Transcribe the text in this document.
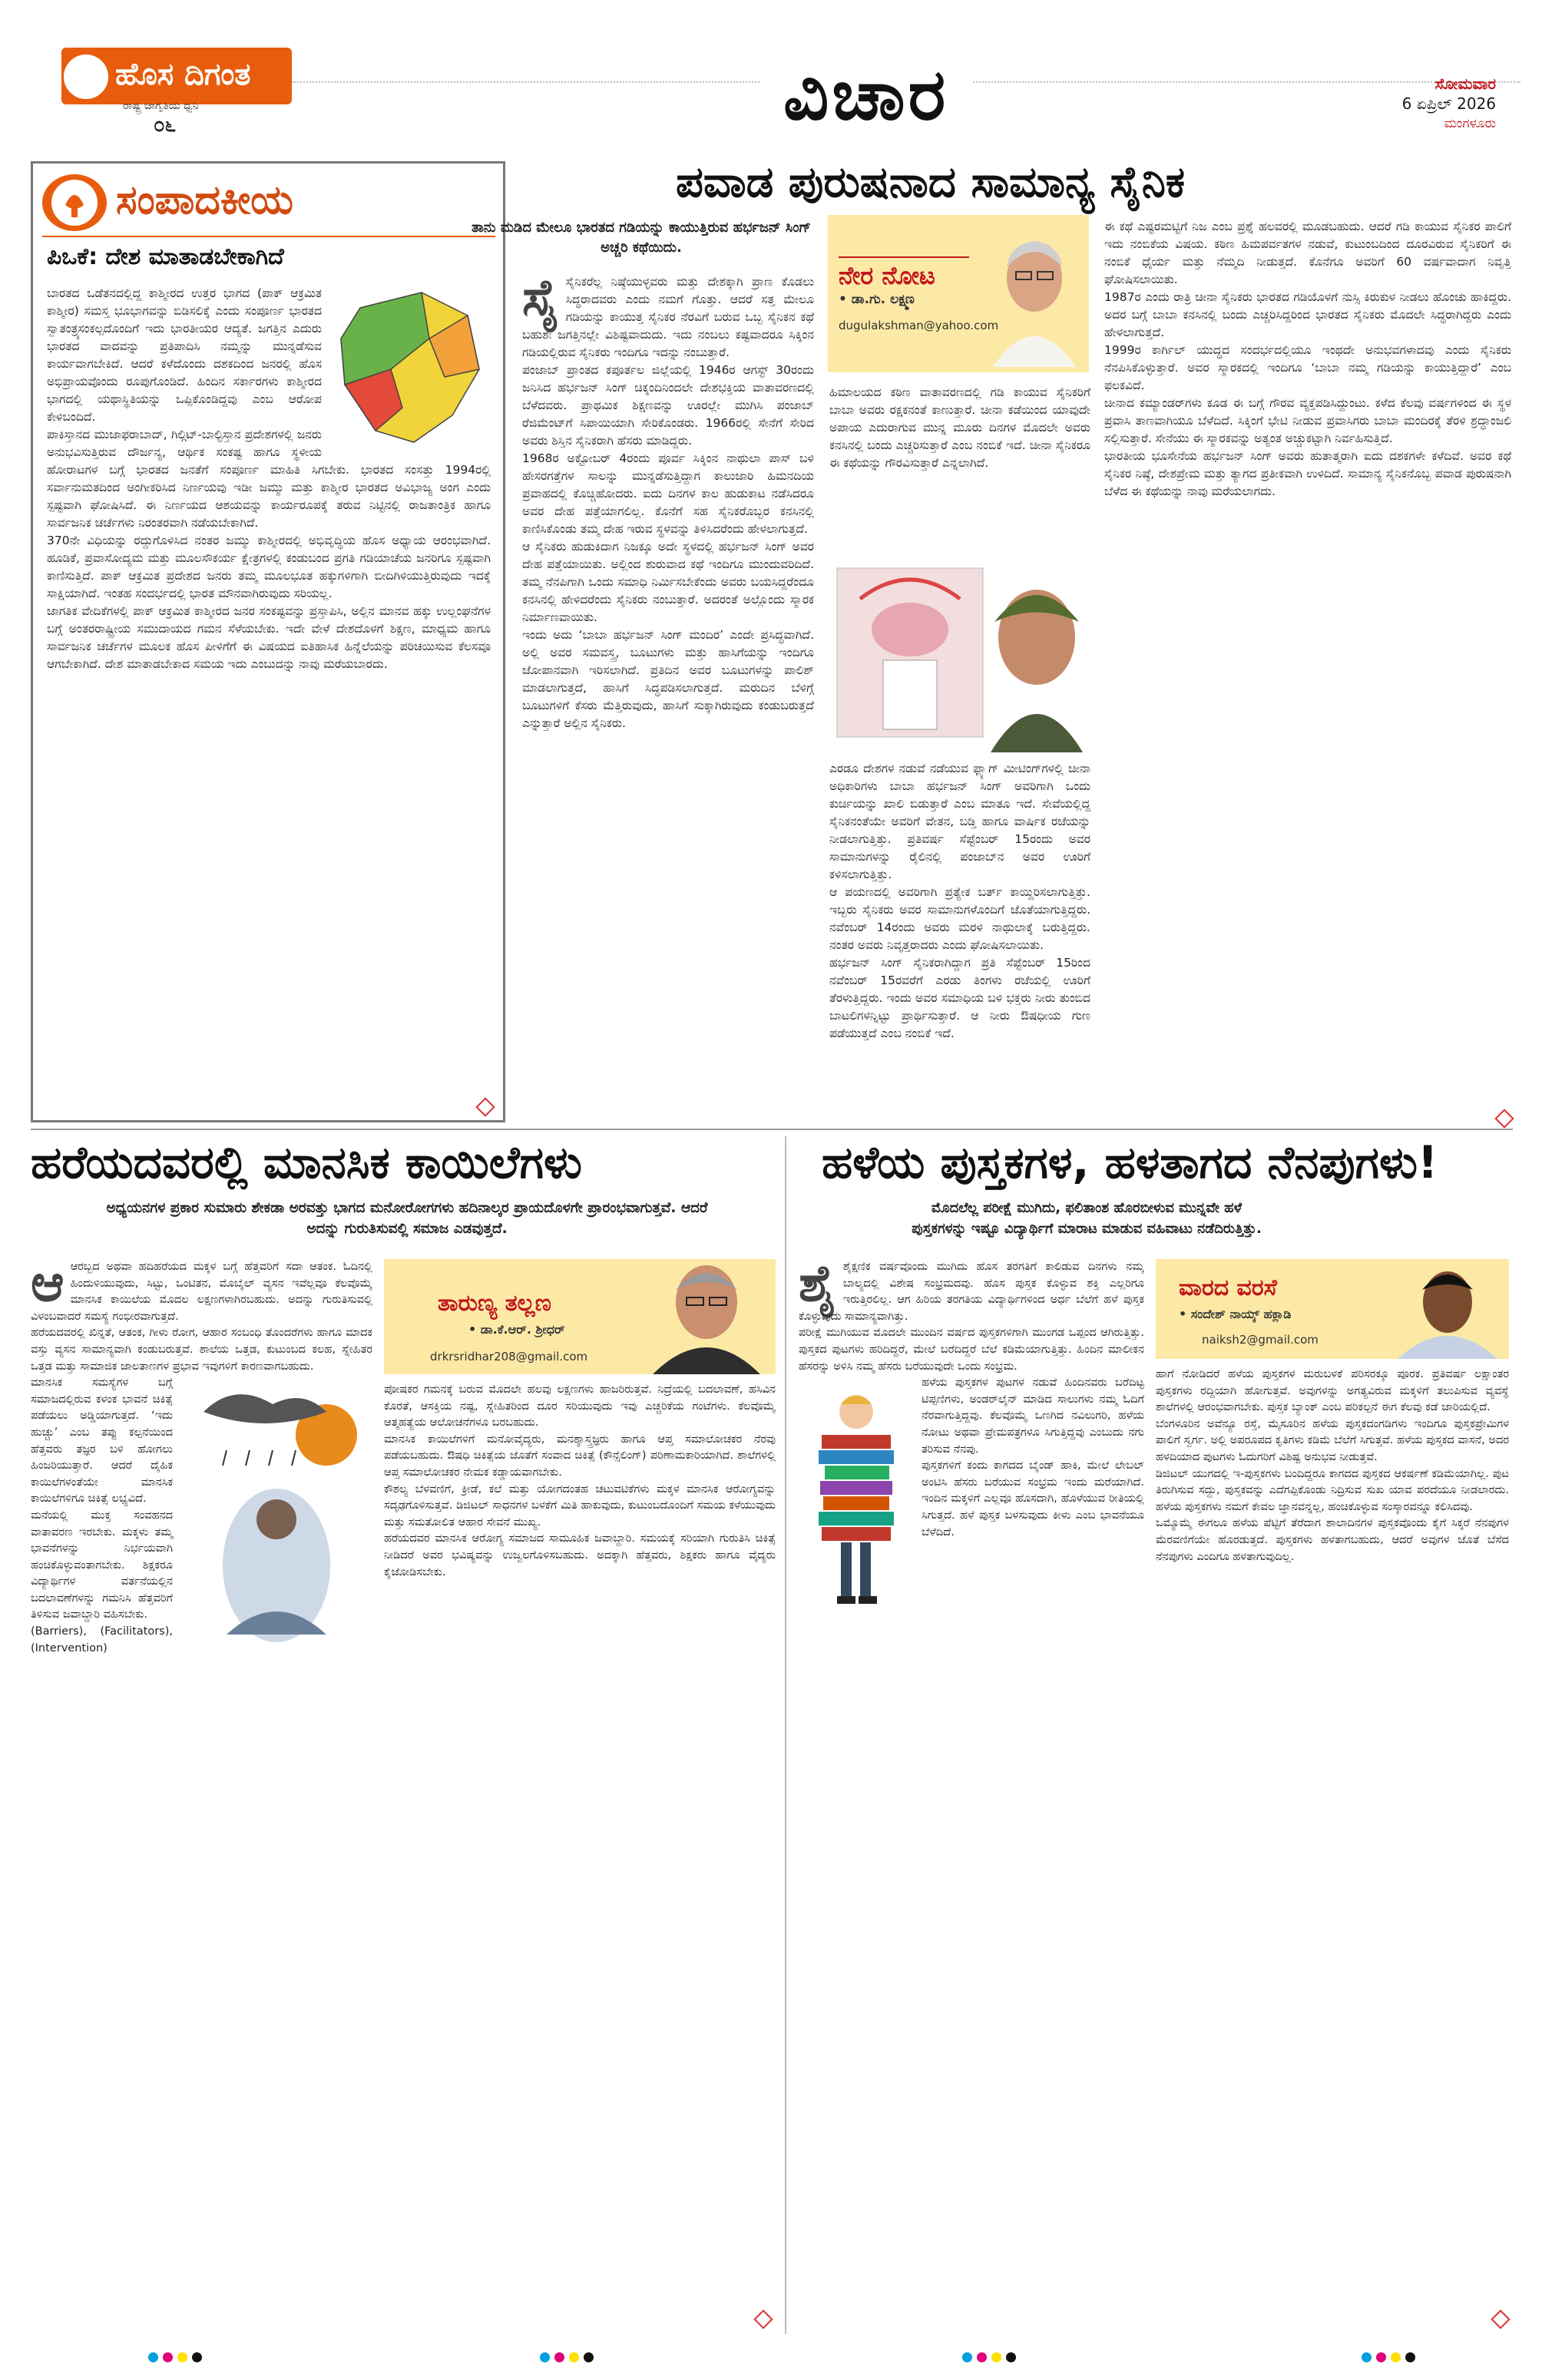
ಹೊಸ ದಿಗಂತ
ರಾಷ್ಟ್ರ ಜಾಗೃತಿಯ ಧ್ವನಿ
೦೬	ವಿಚಾರ	ಸೋಮವಾರ
6 ಏಪ್ರಿಲ್ 2026
ಮಂಗಳೂರು
ಸಂಪಾದಕೀಯ
ಪಿಒಕೆ: ದೇಶ ಮಾತಾಡಬೇಕಾಗಿದೆ

ಬಾರತದ ಒಡೆತನದಲ್ಲಿದ್ದ ಕಾಶ್ಮೀರದ ಉತ್ತರ ಭಾಗದ (ಪಾಕ್ ಆಕ್ರಮಿತ ಕಾಶ್ಮೀರ) ಸಮಸ್ತ ಭೂಭಾಗವನ್ನು ಬಿಡಿಸಲಿಕ್ಕೆ ಎಂದು ಸಂಪೂರ್ಣ ಭಾರತದ ಸ್ವಾತಂತ್ರ್ಯಸಂಕಲ್ಪದೊಂದಿಗೆ ಇದು ಭಾರತೀಯರ ಆದ್ಯತೆ. ಜಗತ್ತಿನ ಎದುರು ಭಾರತದ ವಾದವನ್ನು ಪ್ರತಿಪಾದಿಸಿ ನಮ್ಮನ್ನು ಮುನ್ನಡೆಸುವ ಕಾರ್ಯವಾಗಬೇಕಿದೆ. ಆದರೆ ಕಳೆದೊಂದು ದಶಕದಿಂದ ಜನರಲ್ಲಿ ಹೊಸ ಅಭಿಪ್ರಾಯವೊಂದು ರೂಪುಗೊಂಡಿದೆ. ಹಿಂದಿನ ಸರ್ಕಾರಗಳು ಕಾಶ್ಮೀರದ ಭಾಗದಲ್ಲಿ ಯಥಾಸ್ಥಿತಿಯನ್ನು ಒಪ್ಪಿಕೊಂಡಿದ್ದವು ಎಂಬ ಆರೋಪ ಕೇಳಿಬಂದಿದೆ.

ಪಾಕಿಸ್ತಾನದ ಮುಜಾಫರಾಬಾದ್, ಗಿಲ್ಗಿಟ್-ಬಾಲ್ಟಿಸ್ತಾನ ಪ್ರದೇಶಗಳಲ್ಲಿ ಜನರು ಅನುಭವಿಸುತ್ತಿರುವ ದೌರ್ಜನ್ಯ, ಆರ್ಥಿಕ ಸಂಕಷ್ಟ ಹಾಗೂ ಸ್ಥಳೀಯ ಹೋರಾಟಗಳ ಬಗ್ಗೆ ಭಾರತದ ಜನತೆಗೆ ಸಂಪೂರ್ಣ ಮಾಹಿತಿ ಸಿಗಬೇಕು. ಭಾರತದ ಸಂಸತ್ತು 1994ರಲ್ಲಿ ಸರ್ವಾನುಮತದಿಂದ ಅಂಗೀಕರಿಸಿದ ನಿರ್ಣಯವು ಇಡೀ ಜಮ್ಮು ಮತ್ತು ಕಾಶ್ಮೀರ ಭಾರತದ ಅವಿಭಾಜ್ಯ ಅಂಗ ಎಂದು ಸ್ಪಷ್ಟವಾಗಿ ಘೋಷಿಸಿದೆ. ಈ ನಿರ್ಣಯದ ಆಶಯವನ್ನು ಕಾರ್ಯರೂಪಕ್ಕೆ ತರುವ ನಿಟ್ಟಿನಲ್ಲಿ ರಾಜತಾಂತ್ರಿಕ ಹಾಗೂ ಸಾರ್ವಜನಿಕ ಚರ್ಚೆಗಳು ನಿರಂತರವಾಗಿ ನಡೆಯಬೇಕಾಗಿದೆ.

370ನೇ ವಿಧಿಯನ್ನು ರದ್ದುಗೊಳಿಸಿದ ನಂತರ ಜಮ್ಮು ಕಾಶ್ಮೀರದಲ್ಲಿ ಅಭಿವೃದ್ಧಿಯ ಹೊಸ ಅಧ್ಯಾಯ ಆರಂಭವಾಗಿದೆ. ಹೂಡಿಕೆ, ಪ್ರವಾಸೋದ್ಯಮ ಮತ್ತು ಮೂಲಸೌಕರ್ಯ ಕ್ಷೇತ್ರಗಳಲ್ಲಿ ಕಂಡುಬಂದ ಪ್ರಗತಿ ಗಡಿಯಾಚೆಯ ಜನರಿಗೂ ಸ್ಪಷ್ಟವಾಗಿ ಕಾಣಿಸುತ್ತಿದೆ. ಪಾಕ್ ಆಕ್ರಮಿತ ಪ್ರದೇಶದ ಜನರು ತಮ್ಮ ಮೂಲಭೂತ ಹಕ್ಕುಗಳಿಗಾಗಿ ಬೀದಿಗಿಳಿಯುತ್ತಿರುವುದು ಇದಕ್ಕೆ ಸಾಕ್ಷಿಯಾಗಿದೆ. ಇಂತಹ ಸಂದರ್ಭದಲ್ಲಿ ಭಾರತ ಮೌನವಾಗಿರುವುದು ಸರಿಯಲ್ಲ.

ಜಾಗತಿಕ ವೇದಿಕೆಗಳಲ್ಲಿ ಪಾಕ್ ಆಕ್ರಮಿತ ಕಾಶ್ಮೀರದ ಜನರ ಸಂಕಷ್ಟವನ್ನು ಪ್ರಸ್ತಾಪಿಸಿ, ಅಲ್ಲಿನ ಮಾನವ ಹಕ್ಕು ಉಲ್ಲಂಘನೆಗಳ ಬಗ್ಗೆ ಅಂತರರಾಷ್ಟ್ರೀಯ ಸಮುದಾಯದ ಗಮನ ಸೆಳೆಯಬೇಕು. ಇದೇ ವೇಳೆ ದೇಶದೊಳಗೆ ಶಿಕ್ಷಣ, ಮಾಧ್ಯಮ ಹಾಗೂ ಸಾರ್ವಜನಿಕ ಚರ್ಚೆಗಳ ಮೂಲಕ ಹೊಸ ಪೀಳಿಗೆಗೆ ಈ ವಿಷಯದ ಐತಿಹಾಸಿಕ ಹಿನ್ನೆಲೆಯನ್ನು ಪರಿಚಯಿಸುವ ಕೆಲಸವೂ ಆಗಬೇಕಾಗಿದೆ. ದೇಶ ಮಾತಾಡಬೇಕಾದ ಸಮಯ ಇದು ಎಂಬುದನ್ನು ನಾವು ಮರೆಯಬಾರದು.

ಪವಾಡ ಪುರುಷನಾದ ಸಾಮಾನ್ಯ ಸೈನಿಕ
ತಾನು ಮಡಿದ ಮೇಲೂ ಭಾರತದ ಗಡಿಯನ್ನು ಕಾಯುತ್ತಿರುವ ಹರ್ಭಜನ್ ಸಿಂಗ್ ಅಚ್ಚರಿ ಕಥೆಯಿದು.
ನೇರ ನೋಟ
• ಡಾ.ಗು. ಲಕ್ಷ್ಮಣ
dugulakshman@yahoo.com

ಸೈಸೈನಿಕರೆಲ್ಲ ನಿಷ್ಠೆಯುಳ್ಳವರು ಮತ್ತು ದೇಶಕ್ಕಾಗಿ ಪ್ರಾಣ ಕೊಡಲು ಸಿದ್ಧರಾದವರು ಎಂದು ನಮಗೆ ಗೊತ್ತು. ಆದರೆ ಸತ್ತ ಮೇಲೂ ಗಡಿಯನ್ನು ಕಾಯುತ್ತ ಸೈನಿಕರ ನೆರವಿಗೆ ಬರುವ ಒಬ್ಬ ಸೈನಿಕನ ಕಥೆ ಬಹುಶಃ ಜಗತ್ತಿನಲ್ಲೇ ವಿಶಿಷ್ಟವಾದುದು. ಇದು ನಂಬಲು ಕಷ್ಟವಾದರೂ ಸಿಕ್ಕಿಂನ ಗಡಿಯಲ್ಲಿರುವ ಸೈನಿಕರು ಇಂದಿಗೂ ಇದನ್ನು ನಂಬುತ್ತಾರೆ.

ಪಂಜಾಬ್ ಪ್ರಾಂತದ ಕಪೂರ್ತಲ ಜಿಲ್ಲೆಯಲ್ಲಿ 1946ರ ಆಗಸ್ಟ್ 30ರಂದು ಜನಿಸಿದ ಹರ್ಭಜನ್ ಸಿಂಗ್ ಚಿಕ್ಕಂದಿನಿಂದಲೇ ದೇಶಭಕ್ತಿಯ ವಾತಾವರಣದಲ್ಲಿ ಬೆಳೆದವರು. ಪ್ರಾಥಮಿಕ ಶಿಕ್ಷಣವನ್ನು ಊರಲ್ಲೇ ಮುಗಿಸಿ ಪಂಜಾಬ್ ರೆಜಿಮೆಂಟ್‌ಗೆ ಸಿಪಾಯಿಯಾಗಿ ಸೇರಿಕೊಂಡರು. 1966ರಲ್ಲಿ ಸೇನೆಗೆ ಸೇರಿದ ಅವರು ಶಿಸ್ತಿನ ಸೈನಿಕರಾಗಿ ಹೆಸರು ಮಾಡಿದ್ದರು.

1968ರ ಅಕ್ಟೋಬರ್ 4ರಂದು ಪೂರ್ವ ಸಿಕ್ಕಿಂನ ನಾಥುಲಾ ಪಾಸ್ ಬಳಿ ಹೇಸರಗತ್ತೆಗಳ ಸಾಲನ್ನು ಮುನ್ನಡೆಸುತ್ತಿದ್ದಾಗ ಕಾಲುಜಾರಿ ಹಿಮನದಿಯ ಪ್ರವಾಹದಲ್ಲಿ ಕೊಚ್ಚಿಹೋದರು. ಐದು ದಿನಗಳ ಕಾಲ ಹುಡುಕಾಟ ನಡೆಸಿದರೂ ಅವರ ದೇಹ ಪತ್ತೆಯಾಗಲಿಲ್ಲ. ಕೊನೆಗೆ ಸಹ ಸೈನಿಕರೊಬ್ಬರ ಕನಸಿನಲ್ಲಿ ಕಾಣಿಸಿಕೊಂಡು ತಮ್ಮ ದೇಹ ಇರುವ ಸ್ಥಳವನ್ನು ತಿಳಿಸಿದರೆಂದು ಹೇಳಲಾಗುತ್ತದೆ.

ಆ ಸೈನಿಕರು ಹುಡುಕಿದಾಗ ನಿಜಕ್ಕೂ ಅದೇ ಸ್ಥಳದಲ್ಲಿ ಹರ್ಭಜನ್ ಸಿಂಗ್ ಅವರ ದೇಹ ಪತ್ತೆಯಾಯಿತು. ಅಲ್ಲಿಂದ ಶುರುವಾದ ಕಥೆ ಇಂದಿಗೂ ಮುಂದುವರಿದಿದೆ. ತಮ್ಮ ನೆನಪಿಗಾಗಿ ಒಂದು ಸಮಾಧಿ ನಿರ್ಮಿಸಬೇಕೆಂದು ಅವರು ಬಯಸಿದ್ದರೆಂದೂ ಕನಸಿನಲ್ಲಿ ಹೇಳಿದರೆಂದು ಸೈನಿಕರು ನಂಬುತ್ತಾರೆ. ಅದರಂತೆ ಅಲ್ಲೊಂದು ಸ್ಮಾರಕ ನಿರ್ಮಾಣವಾಯಿತು.

ಇಂದು ಅದು ‘ಬಾಬಾ ಹರ್ಭಜನ್ ಸಿಂಗ್ ಮಂದಿರ’ ಎಂದೇ ಪ್ರಸಿದ್ಧವಾಗಿದೆ. ಅಲ್ಲಿ ಅವರ ಸಮವಸ್ತ್ರ, ಬೂಟುಗಳು ಮತ್ತು ಹಾಸಿಗೆಯನ್ನು ಇಂದಿಗೂ ಜೋಪಾನವಾಗಿ ಇರಿಸಲಾಗಿದೆ. ಪ್ರತಿದಿನ ಅವರ ಬೂಟುಗಳನ್ನು ಪಾಲಿಶ್ ಮಾಡಲಾಗುತ್ತದೆ, ಹಾಸಿಗೆ ಸಿದ್ಧಪಡಿಸಲಾಗುತ್ತದೆ. ಮರುದಿನ ಬೆಳಿಗ್ಗೆ ಬೂಟುಗಳಿಗೆ ಕೆಸರು ಮೆತ್ತಿರುವುದು, ಹಾಸಿಗೆ ಸುಕ್ಕಾಗಿರುವುದು ಕಂಡುಬರುತ್ತದೆ ಎನ್ನುತ್ತಾರೆ ಅಲ್ಲಿನ ಸೈನಿಕರು.

ಹಿಮಾಲಯದ ಕಠಿಣ ವಾತಾವರಣದಲ್ಲಿ ಗಡಿ ಕಾಯುವ ಸೈನಿಕರಿಗೆ ಬಾಬಾ ಅವರು ರಕ್ಷಕನಂತೆ ಕಾಣುತ್ತಾರೆ. ಚೀನಾ ಕಡೆಯಿಂದ ಯಾವುದೇ ಅಪಾಯ ಎದುರಾಗುವ ಮುನ್ನ ಮೂರು ದಿನಗಳ ಮೊದಲೇ ಅವರು ಕನಸಿನಲ್ಲಿ ಬಂದು ಎಚ್ಚರಿಸುತ್ತಾರೆ ಎಂಬ ನಂಬಿಕೆ ಇದೆ. ಚೀನಾ ಸೈನಿಕರೂ ಈ ಕಥೆಯನ್ನು ಗೌರವಿಸುತ್ತಾರೆ ಎನ್ನಲಾಗಿದೆ.

ಎರಡೂ ದೇಶಗಳ ನಡುವೆ ನಡೆಯುವ ಫ್ಲ್ಯಾಗ್ ಮೀಟಿಂಗ್‌ಗಳಲ್ಲಿ ಚೀನಾ ಅಧಿಕಾರಿಗಳು ಬಾಬಾ ಹರ್ಭಜನ್ ಸಿಂಗ್ ಅವರಿಗಾಗಿ ಒಂದು ಕುರ್ಚಿಯನ್ನು ಖಾಲಿ ಬಿಡುತ್ತಾರೆ ಎಂಬ ಮಾತೂ ಇದೆ. ಸೇವೆಯಲ್ಲಿದ್ದ ಸೈನಿಕನಂತೆಯೇ ಅವರಿಗೆ ವೇತನ, ಬಡ್ತಿ ಹಾಗೂ ವಾರ್ಷಿಕ ರಜೆಯನ್ನು ನೀಡಲಾಗುತ್ತಿತ್ತು. ಪ್ರತಿವರ್ಷ ಸೆಪ್ಟೆಂಬರ್ 15ರಂದು ಅವರ ಸಾಮಾನುಗಳನ್ನು ರೈಲಿನಲ್ಲಿ ಪಂಜಾಬ್‌ನ ಅವರ ಊರಿಗೆ ಕಳಿಸಲಾಗುತ್ತಿತ್ತು.

ಆ ಪಯಣದಲ್ಲಿ ಅವರಿಗಾಗಿ ಪ್ರತ್ಯೇಕ ಬರ್ತ್ ಕಾಯ್ದಿರಿಸಲಾಗುತ್ತಿತ್ತು. ಇಬ್ಬರು ಸೈನಿಕರು ಅವರ ಸಾಮಾನುಗಳೊಂದಿಗೆ ಜೊತೆಯಾಗುತ್ತಿದ್ದರು. ನವೆಂಬರ್ 14ರಂದು ಅವರು ಮರಳಿ ನಾಥುಲಾಕ್ಕೆ ಬರುತ್ತಿದ್ದರು. ನಂತರ ಅವರು ನಿವೃತ್ತರಾದರು ಎಂದು ಘೋಷಿಸಲಾಯಿತು.

ಹರ್ಭಜನ್ ಸಿಂಗ್ ಸೈನಿಕರಾಗಿದ್ದಾಗ ಪ್ರತಿ ಸೆಪ್ಟೆಂಬರ್ 15ರಿಂದ ನವೆಂಬರ್ 15ರವರೆಗೆ ಎರಡು ತಿಂಗಳು ರಜೆಯಲ್ಲಿ ಊರಿಗೆ ತೆರಳುತ್ತಿದ್ದರು. ಇಂದು ಅವರ ಸಮಾಧಿಯ ಬಳಿ ಭಕ್ತರು ನೀರು ತುಂಬಿದ ಬಾಟಲಿಗಳನ್ನಿಟ್ಟು ಪ್ರಾರ್ಥಿಸುತ್ತಾರೆ. ಆ ನೀರು ಔಷಧೀಯ ಗುಣ ಪಡೆಯುತ್ತದೆ ಎಂಬ ನಂಬಿಕೆ ಇದೆ.

ಈ ಕಥೆ ಎಷ್ಟರಮಟ್ಟಿಗೆ ನಿಜ ಎಂಬ ಪ್ರಶ್ನೆ ಹಲವರಲ್ಲಿ ಮೂಡಬಹುದು. ಆದರೆ ಗಡಿ ಕಾಯುವ ಸೈನಿಕರ ಪಾಲಿಗೆ ಇದು ನಂಬಿಕೆಯ ವಿಷಯ. ಕಠಿಣ ಹಿಮಪರ್ವತಗಳ ನಡುವೆ, ಕುಟುಂಬದಿಂದ ದೂರವಿರುವ ಸೈನಿಕರಿಗೆ ಈ ನಂಬಿಕೆ ಧೈರ್ಯ ಮತ್ತು ನೆಮ್ಮದಿ ನೀಡುತ್ತದೆ. ಕೊನೆಗೂ ಅವರಿಗೆ 60 ವರ್ಷವಾದಾಗ ನಿವೃತ್ತಿ ಘೋಷಿಸಲಾಯಿತು.

1987ರ ಎಂದು ರಾತ್ರಿ ಚೀನಾ ಸೈನಿಕರು ಭಾರತದ ಗಡಿಯೊಳಗೆ ನುಸ್ಸಿ ಕಿರುಕುಳ ನೀಡಲು ಹೊಂಚು ಹಾಕಿದ್ದರು. ಅದರ ಬಗ್ಗೆ ಬಾಬಾ ಕನಸಿನಲ್ಲಿ ಬಂದು ಎಚ್ಚರಿಸಿದ್ದರಿಂದ ಭಾರತದ ಸೈನಿಕರು ಮೊದಲೇ ಸಿದ್ಧರಾಗಿದ್ದರು ಎಂದು ಹೇಳಲಾಗುತ್ತದೆ.

1999ರ ಕಾರ್ಗಿಲ್ ಯುದ್ಧದ ಸಂದರ್ಭದಲ್ಲಿಯೂ ಇಂಥದೇ ಅನುಭವಗಳಾದವು ಎಂದು ಸೈನಿಕರು ನೆನಪಿಸಿಕೊಳ್ಳುತ್ತಾರೆ. ಅವರ ಸ್ಮಾರಕದಲ್ಲಿ ಇಂದಿಗೂ ‘ಬಾಬಾ ನಮ್ಮ ಗಡಿಯನ್ನು ಕಾಯುತ್ತಿದ್ದಾರೆ’ ಎಂಬ ಫಲಕವಿದೆ.

ಚೀನಾದ ಕಮ್ಯಾಂಡರ್‌ಗಳು ಕೂಡ ಈ ಬಗ್ಗೆ ಗೌರವ ವ್ಯಕ್ತಪಡಿಸಿದ್ದುಂಟು. ಕಳೆದ ಕೆಲವು ವರ್ಷಗಳಿಂದ ಈ ಸ್ಥಳ ಪ್ರವಾಸಿ ತಾಣವಾಗಿಯೂ ಬೆಳೆದಿದೆ. ಸಿಕ್ಕಿಂಗೆ ಭೇಟಿ ನೀಡುವ ಪ್ರವಾಸಿಗರು ಬಾಬಾ ಮಂದಿರಕ್ಕೆ ತೆರಳಿ ಶ್ರದ್ಧಾಂಜಲಿ ಸಲ್ಲಿಸುತ್ತಾರೆ. ಸೇನೆಯು ಈ ಸ್ಮಾರಕವನ್ನು ಅತ್ಯಂತ ಅಚ್ಚುಕಟ್ಟಾಗಿ ನಿರ್ವಹಿಸುತ್ತಿದೆ.

ಭಾರತೀಯ ಭೂಸೇನೆಯ ಹರ್ಭಜನ್ ಸಿಂಗ್ ಅವರು ಹುತಾತ್ಮರಾಗಿ ಐದು ದಶಕಗಳೇ ಕಳೆದಿವೆ. ಅವರ ಕಥೆ ಸೈನಿಕರ ನಿಷ್ಠೆ, ದೇಶಪ್ರೇಮ ಮತ್ತು ತ್ಯಾಗದ ಪ್ರತೀಕವಾಗಿ ಉಳಿದಿದೆ. ಸಾಮಾನ್ಯ ಸೈನಿಕನೊಬ್ಬ ಪವಾಡ ಪುರುಷನಾಗಿ ಬೆಳೆದ ಈ ಕಥೆಯನ್ನು ನಾವು ಮರೆಯಲಾಗದು.

ಹರೆಯದವರಲ್ಲಿ ಮಾನಸಿಕ ಕಾಯಿಲೆಗಳು
ಅಧ್ಯಯನಗಳ ಪ್ರಕಾರ ಸುಮಾರು ಶೇಕಡಾ ಅರವತ್ತು ಭಾಗದ ಮನೋರೋಗಗಳು ಹದಿನಾಲ್ಕರ ಪ್ರಾಯದೊಳಗೇ ಪ್ರಾರಂಭವಾಗುತ್ತವೆ. ಆದರೆ ಅದನ್ನು ಗುರುತಿಸುವಲ್ಲಿ ಸಮಾಜ ಎಡವುತ್ತದೆ.
ತಾರುಣ್ಯ ತಲ್ಲಣ
• ಡಾ.ಕೆ.ಆರ್. ಶ್ರೀಧರ್
drkrsridhar208@gmail.com

ಆಆರಬ್ಬದ ಅಥವಾ ಹದಿಹರೆಯದ ಮಕ್ಕಳ ಬಗ್ಗೆ ಹೆತ್ತವರಿಗೆ ಸದಾ ಆತಂಕ. ಓದಿನಲ್ಲಿ ಹಿಂದುಳಿಯುವುದು, ಸಿಟ್ಟು, ಒಂಟಿತನ, ಮೊಬೈಲ್ ವ್ಯಸನ ಇವೆಲ್ಲವೂ ಕೆಲವೊಮ್ಮೆ ಮಾನಸಿಕ ಕಾಯಿಲೆಯ ಮೊದಲ ಲಕ್ಷಣಗಳಾಗಿರಬಹುದು. ಅದನ್ನು ಗುರುತಿಸುವಲ್ಲಿ ವಿಳಂಬವಾದರೆ ಸಮಸ್ಯೆ ಗಂಭೀರವಾಗುತ್ತದೆ.

ಹರೆಯದವರಲ್ಲಿ ಖಿನ್ನತೆ, ಆತಂಕ, ಗೀಳು ರೋಗ, ಆಹಾರ ಸಂಬಂಧಿ ತೊಂದರೆಗಳು ಹಾಗೂ ಮಾದಕ ವಸ್ತು ವ್ಯಸನ ಸಾಮಾನ್ಯವಾಗಿ ಕಂಡುಬರುತ್ತವೆ. ಶಾಲೆಯ ಒತ್ತಡ, ಕುಟುಂಬದ ಕಲಹ, ಸ್ನೇಹಿತರ ಒತ್ತಡ ಮತ್ತು ಸಾಮಾಜಿಕ ಜಾಲತಾಣಗಳ ಪ್ರಭಾವ ಇವುಗಳಿಗೆ ಕಾರಣವಾಗಬಹುದು.

ಮಾನಸಿಕ ಸಮಸ್ಯೆಗಳ ಬಗ್ಗೆ ಸಮಾಜದಲ್ಲಿರುವ ಕಳಂಕ ಭಾವನೆ ಚಿಕಿತ್ಸೆ ಪಡೆಯಲು ಅಡ್ಡಿಯಾಗುತ್ತದೆ. ‘ಇದು ಹುಚ್ಚು’ ಎಂಬ ತಪ್ಪು ಕಲ್ಪನೆಯಿಂದ ಹೆತ್ತವರು ತಜ್ಞರ ಬಳಿ ಹೋಗಲು ಹಿಂಜರಿಯುತ್ತಾರೆ. ಆದರೆ ದೈಹಿಕ ಕಾಯಿಲೆಗಳಂತೆಯೇ ಮಾನಸಿಕ ಕಾಯಿಲೆಗಳಿಗೂ ಚಿಕಿತ್ಸೆ ಲಭ್ಯವಿದೆ.

ಮನೆಯಲ್ಲಿ ಮುಕ್ತ ಸಂವಹನದ ವಾತಾವರಣ ಇರಬೇಕು. ಮಕ್ಕಳು ತಮ್ಮ ಭಾವನೆಗಳನ್ನು ನಿರ್ಭಯವಾಗಿ ಹಂಚಿಕೊಳ್ಳುವಂತಾಗಬೇಕು. ಶಿಕ್ಷಕರೂ ವಿದ್ಯಾರ್ಥಿಗಳ ವರ್ತನೆಯಲ್ಲಿನ ಬದಲಾವಣೆಗಳನ್ನು ಗಮನಿಸಿ ಹೆತ್ತವರಿಗೆ ತಿಳಿಸುವ ಜವಾಬ್ದಾರಿ ವಹಿಸಬೇಕು.

(Barriers), (Facilitators), (Intervention)

ಪೋಷಕರ ಗಮನಕ್ಕೆ ಬರುವ ಮೊದಲೇ ಹಲವು ಲಕ್ಷಣಗಳು ಹಾಜರಿರುತ್ತವೆ. ನಿದ್ರೆಯಲ್ಲಿ ಬದಲಾವಣೆ, ಹಸಿವಿನ ಕೊರತೆ, ಆಸಕ್ತಿಯ ನಷ್ಟ, ಸ್ನೇಹಿತರಿಂದ ದೂರ ಸರಿಯುವುದು ಇವು ಎಚ್ಚರಿಕೆಯ ಗಂಟೆಗಳು. ಕೆಲವೊಮ್ಮೆ ಆತ್ಮಹತ್ಯೆಯ ಆಲೋಚನೆಗಳೂ ಬರಬಹುದು.

ಮಾನಸಿಕ ಕಾಯಿಲೆಗಳಿಗೆ ಮನೋವೈದ್ಯರು, ಮನಶ್ಶಾಸ್ತ್ರಜ್ಞರು ಹಾಗೂ ಆಪ್ತ ಸಮಾಲೋಚಕರ ನೆರವು ಪಡೆಯಬಹುದು. ಔಷಧಿ ಚಿಕಿತ್ಸೆಯ ಜೊತೆಗೆ ಸಂವಾದ ಚಿಕಿತ್ಸೆ (ಕೌನ್ಸೆಲಿಂಗ್) ಪರಿಣಾಮಕಾರಿಯಾಗಿದೆ. ಶಾಲೆಗಳಲ್ಲಿ ಆಪ್ತ ಸಮಾಲೋಚಕರ ನೇಮಕ ಕಡ್ಡಾಯವಾಗಬೇಕು.

ಕೌಶಲ್ಯ ಬೆಳವಣಿಗೆ, ಕ್ರೀಡೆ, ಕಲೆ ಮತ್ತು ಯೋಗದಂತಹ ಚಟುವಟಿಕೆಗಳು ಮಕ್ಕಳ ಮಾನಸಿಕ ಆರೋಗ್ಯವನ್ನು ಸದೃಢಗೊಳಿಸುತ್ತವೆ. ಡಿಜಿಟಲ್ ಸಾಧನಗಳ ಬಳಕೆಗೆ ಮಿತಿ ಹಾಕುವುದು, ಕುಟುಂಬದೊಂದಿಗೆ ಸಮಯ ಕಳೆಯುವುದು ಮತ್ತು ಸಮತೋಲಿತ ಆಹಾರ ಸೇವನೆ ಮುಖ್ಯ.

ಹರೆಯದವರ ಮಾನಸಿಕ ಆರೋಗ್ಯ ಸಮಾಜದ ಸಾಮೂಹಿಕ ಜವಾಬ್ದಾರಿ. ಸಮಯಕ್ಕೆ ಸರಿಯಾಗಿ ಗುರುತಿಸಿ ಚಿಕಿತ್ಸೆ ನೀಡಿದರೆ ಅವರ ಭವಿಷ್ಯವನ್ನು ಉಜ್ವಲಗೊಳಿಸಬಹುದು. ಅದಕ್ಕಾಗಿ ಹೆತ್ತವರು, ಶಿಕ್ಷಕರು ಹಾಗೂ ವೈದ್ಯರು ಕೈಜೋಡಿಸಬೇಕು.

ಹಳೆಯ ಪುಸ್ತಕಗಳ, ಹಳತಾಗದ ನೆನಪುಗಳು!
ಮೊದಲೆಲ್ಲ ಪರೀಕ್ಷೆ ಮುಗಿದು, ಫಲಿತಾಂಶ ಹೊರಬೀಳುವ ಮುನ್ನವೇ ಹಳೆ ಪುಸ್ತಕಗಳನ್ನು ಇಷ್ಟೂ ವಿದ್ಯಾರ್ಥಿಗೆ ಮಾರಾಟ ಮಾಡುವ ವಹಿವಾಟು ನಡೆದಿರುತ್ತಿತ್ತು.
ವಾರದ ವರಸೆ
• ಸಂದೇಶ್ ನಾಯ್ಕ್ ಹಕ್ಲಾಡಿ
naiksh2@gmail.com

ಶೈಶೈಕ್ಷಣಿಕ ವರ್ಷವೊಂದು ಮುಗಿದು ಹೊಸ ತರಗತಿಗೆ ಕಾಲಿಡುವ ದಿನಗಳು ನಮ್ಮ ಬಾಲ್ಯದಲ್ಲಿ ವಿಶೇಷ ಸಂಭ್ರಮದವು. ಹೊಸ ಪುಸ್ತಕ ಕೊಳ್ಳುವ ಶಕ್ತಿ ಎಲ್ಲರಿಗೂ ಇರುತ್ತಿರಲಿಲ್ಲ. ಆಗ ಹಿರಿಯ ತರಗತಿಯ ವಿದ್ಯಾರ್ಥಿಗಳಿಂದ ಅರ್ಧ ಬೆಲೆಗೆ ಹಳೆ ಪುಸ್ತಕ ಕೊಳ್ಳುವುದು ಸಾಮಾನ್ಯವಾಗಿತ್ತು.

ಪರೀಕ್ಷೆ ಮುಗಿಯುವ ಮೊದಲೇ ಮುಂದಿನ ವರ್ಷದ ಪುಸ್ತಕಗಳಿಗಾಗಿ ಮುಂಗಡ ಒಪ್ಪಂದ ಆಗಿರುತ್ತಿತ್ತು. ಪುಸ್ತಕದ ಪುಟಗಳು ಹರಿದಿದ್ದರೆ, ಮೇಲೆ ಬರೆದಿದ್ದರೆ ಬೆಲೆ ಕಡಿಮೆಯಾಗುತ್ತಿತ್ತು. ಹಿಂದಿನ ಮಾಲೀಕನ ಹೆಸರನ್ನು ಅಳಿಸಿ ನಮ್ಮ ಹೆಸರು ಬರೆಯುವುದೇ ಒಂದು ಸಂಭ್ರಮ.

ಹಳೆಯ ಪುಸ್ತಕಗಳ ಪುಟಗಳ ನಡುವೆ ಹಿಂದಿನವರು ಬರೆದಿಟ್ಟ ಟಿಪ್ಪಣಿಗಳು, ಅಂಡರ್‌ಲೈನ್ ಮಾಡಿದ ಸಾಲುಗಳು ನಮ್ಮ ಓದಿಗೆ ನೆರವಾಗುತ್ತಿದ್ದವು. ಕೆಲವೊಮ್ಮೆ ಒಣಗಿದ ನವಿಲುಗರಿ, ಹಳೆಯ ನೋಟು ಅಥವಾ ಪ್ರೇಮಪತ್ರಗಳೂ ಸಿಗುತ್ತಿದ್ದವು ಎಂಬುದು ನಗು ತರಿಸುವ ನೆನಪು.

ಪುಸ್ತಕಗಳಿಗೆ ಕಂದು ಕಾಗದದ ಬೈಂಡ್ ಹಾಕಿ, ಮೇಲೆ ಲೇಬಲ್ ಅಂಟಿಸಿ ಹೆಸರು ಬರೆಯುವ ಸಂಭ್ರಮ ಇಂದು ಮರೆಯಾಗಿದೆ. ಇಂದಿನ ಮಕ್ಕಳಿಗೆ ಎಲ್ಲವೂ ಹೊಸದಾಗಿ, ಹೊಳೆಯುವ ರೀತಿಯಲ್ಲಿ ಸಿಗುತ್ತದೆ. ಹಳೆ ಪುಸ್ತಕ ಬಳಸುವುದು ಕೀಳು ಎಂಬ ಭಾವನೆಯೂ ಬೆಳೆದಿದೆ.

ಹಾಗೆ ನೋಡಿದರೆ ಹಳೆಯ ಪುಸ್ತಕಗಳ ಮರುಬಳಕೆ ಪರಿಸರಕ್ಕೂ ಪೂರಕ. ಪ್ರತಿವರ್ಷ ಲಕ್ಷಾಂತರ ಪುಸ್ತಕಗಳು ರದ್ದಿಯಾಗಿ ಹೋಗುತ್ತವೆ. ಅವುಗಳನ್ನು ಅಗತ್ಯವಿರುವ ಮಕ್ಕಳಿಗೆ ತಲುಪಿಸುವ ವ್ಯವಸ್ಥೆ ಶಾಲೆಗಳಲ್ಲಿ ಆರಂಭವಾಗಬೇಕು. ಪುಸ್ತಕ ಬ್ಯಾಂಕ್ ಎಂಬ ಪರಿಕಲ್ಪನೆ ಈಗ ಕೆಲವು ಕಡೆ ಜಾರಿಯಲ್ಲಿದೆ.

ಬೆಂಗಳೂರಿನ ಅವೆನ್ಯೂ ರಸ್ತೆ, ಮೈಸೂರಿನ ಹಳೆಯ ಪುಸ್ತಕದಂಗಡಿಗಳು ಇಂದಿಗೂ ಪುಸ್ತಕಪ್ರೇಮಿಗಳ ಪಾಲಿಗೆ ಸ್ವರ್ಗ. ಅಲ್ಲಿ ಅಪರೂಪದ ಕೃತಿಗಳು ಕಡಿಮೆ ಬೆಲೆಗೆ ಸಿಗುತ್ತವೆ. ಹಳೆಯ ಪುಸ್ತಕದ ವಾಸನೆ, ಅದರ ಹಳದಿಯಾದ ಪುಟಗಳು ಓದುಗರಿಗೆ ವಿಶಿಷ್ಟ ಅನುಭವ ನೀಡುತ್ತವೆ.

ಡಿಜಿಟಲ್ ಯುಗದಲ್ಲಿ ಇ-ಪುಸ್ತಕಗಳು ಬಂದಿದ್ದರೂ ಕಾಗದದ ಪುಸ್ತಕದ ಆಕರ್ಷಣೆ ಕಡಿಮೆಯಾಗಿಲ್ಲ. ಪುಟ ತಿರುಗಿಸುವ ಸದ್ದು, ಪುಸ್ತಕವನ್ನು ಎದೆಗಪ್ಪಿಕೊಂಡು ನಿದ್ರಿಸುವ ಸುಖ ಯಾವ ಪರದೆಯೂ ನೀಡಲಾರದು. ಹಳೆಯ ಪುಸ್ತಕಗಳು ನಮಗೆ ಕೇವಲ ಜ್ಞಾನವನ್ನಲ್ಲ, ಹಂಚಿಕೊಳ್ಳುವ ಸಂಸ್ಕಾರವನ್ನೂ ಕಲಿಸಿದವು.

ಒಮ್ಮೊಮ್ಮೆ ಈಗಲೂ ಹಳೆಯ ಪೆಟ್ಟಿಗೆ ತೆರೆದಾಗ ಶಾಲಾದಿನಗಳ ಪುಸ್ತಕವೊಂದು ಕೈಗೆ ಸಿಕ್ಕರೆ ನೆನಪುಗಳ ಮೆರವಣಿಗೆಯೇ ಹೊರಡುತ್ತದೆ. ಪುಸ್ತಕಗಳು ಹಳತಾಗಬಹುದು, ಆದರೆ ಅವುಗಳ ಜೊತೆ ಬೆಸೆದ ನೆನಪುಗಳು ಎಂದಿಗೂ ಹಳತಾಗುವುದಿಲ್ಲ.
